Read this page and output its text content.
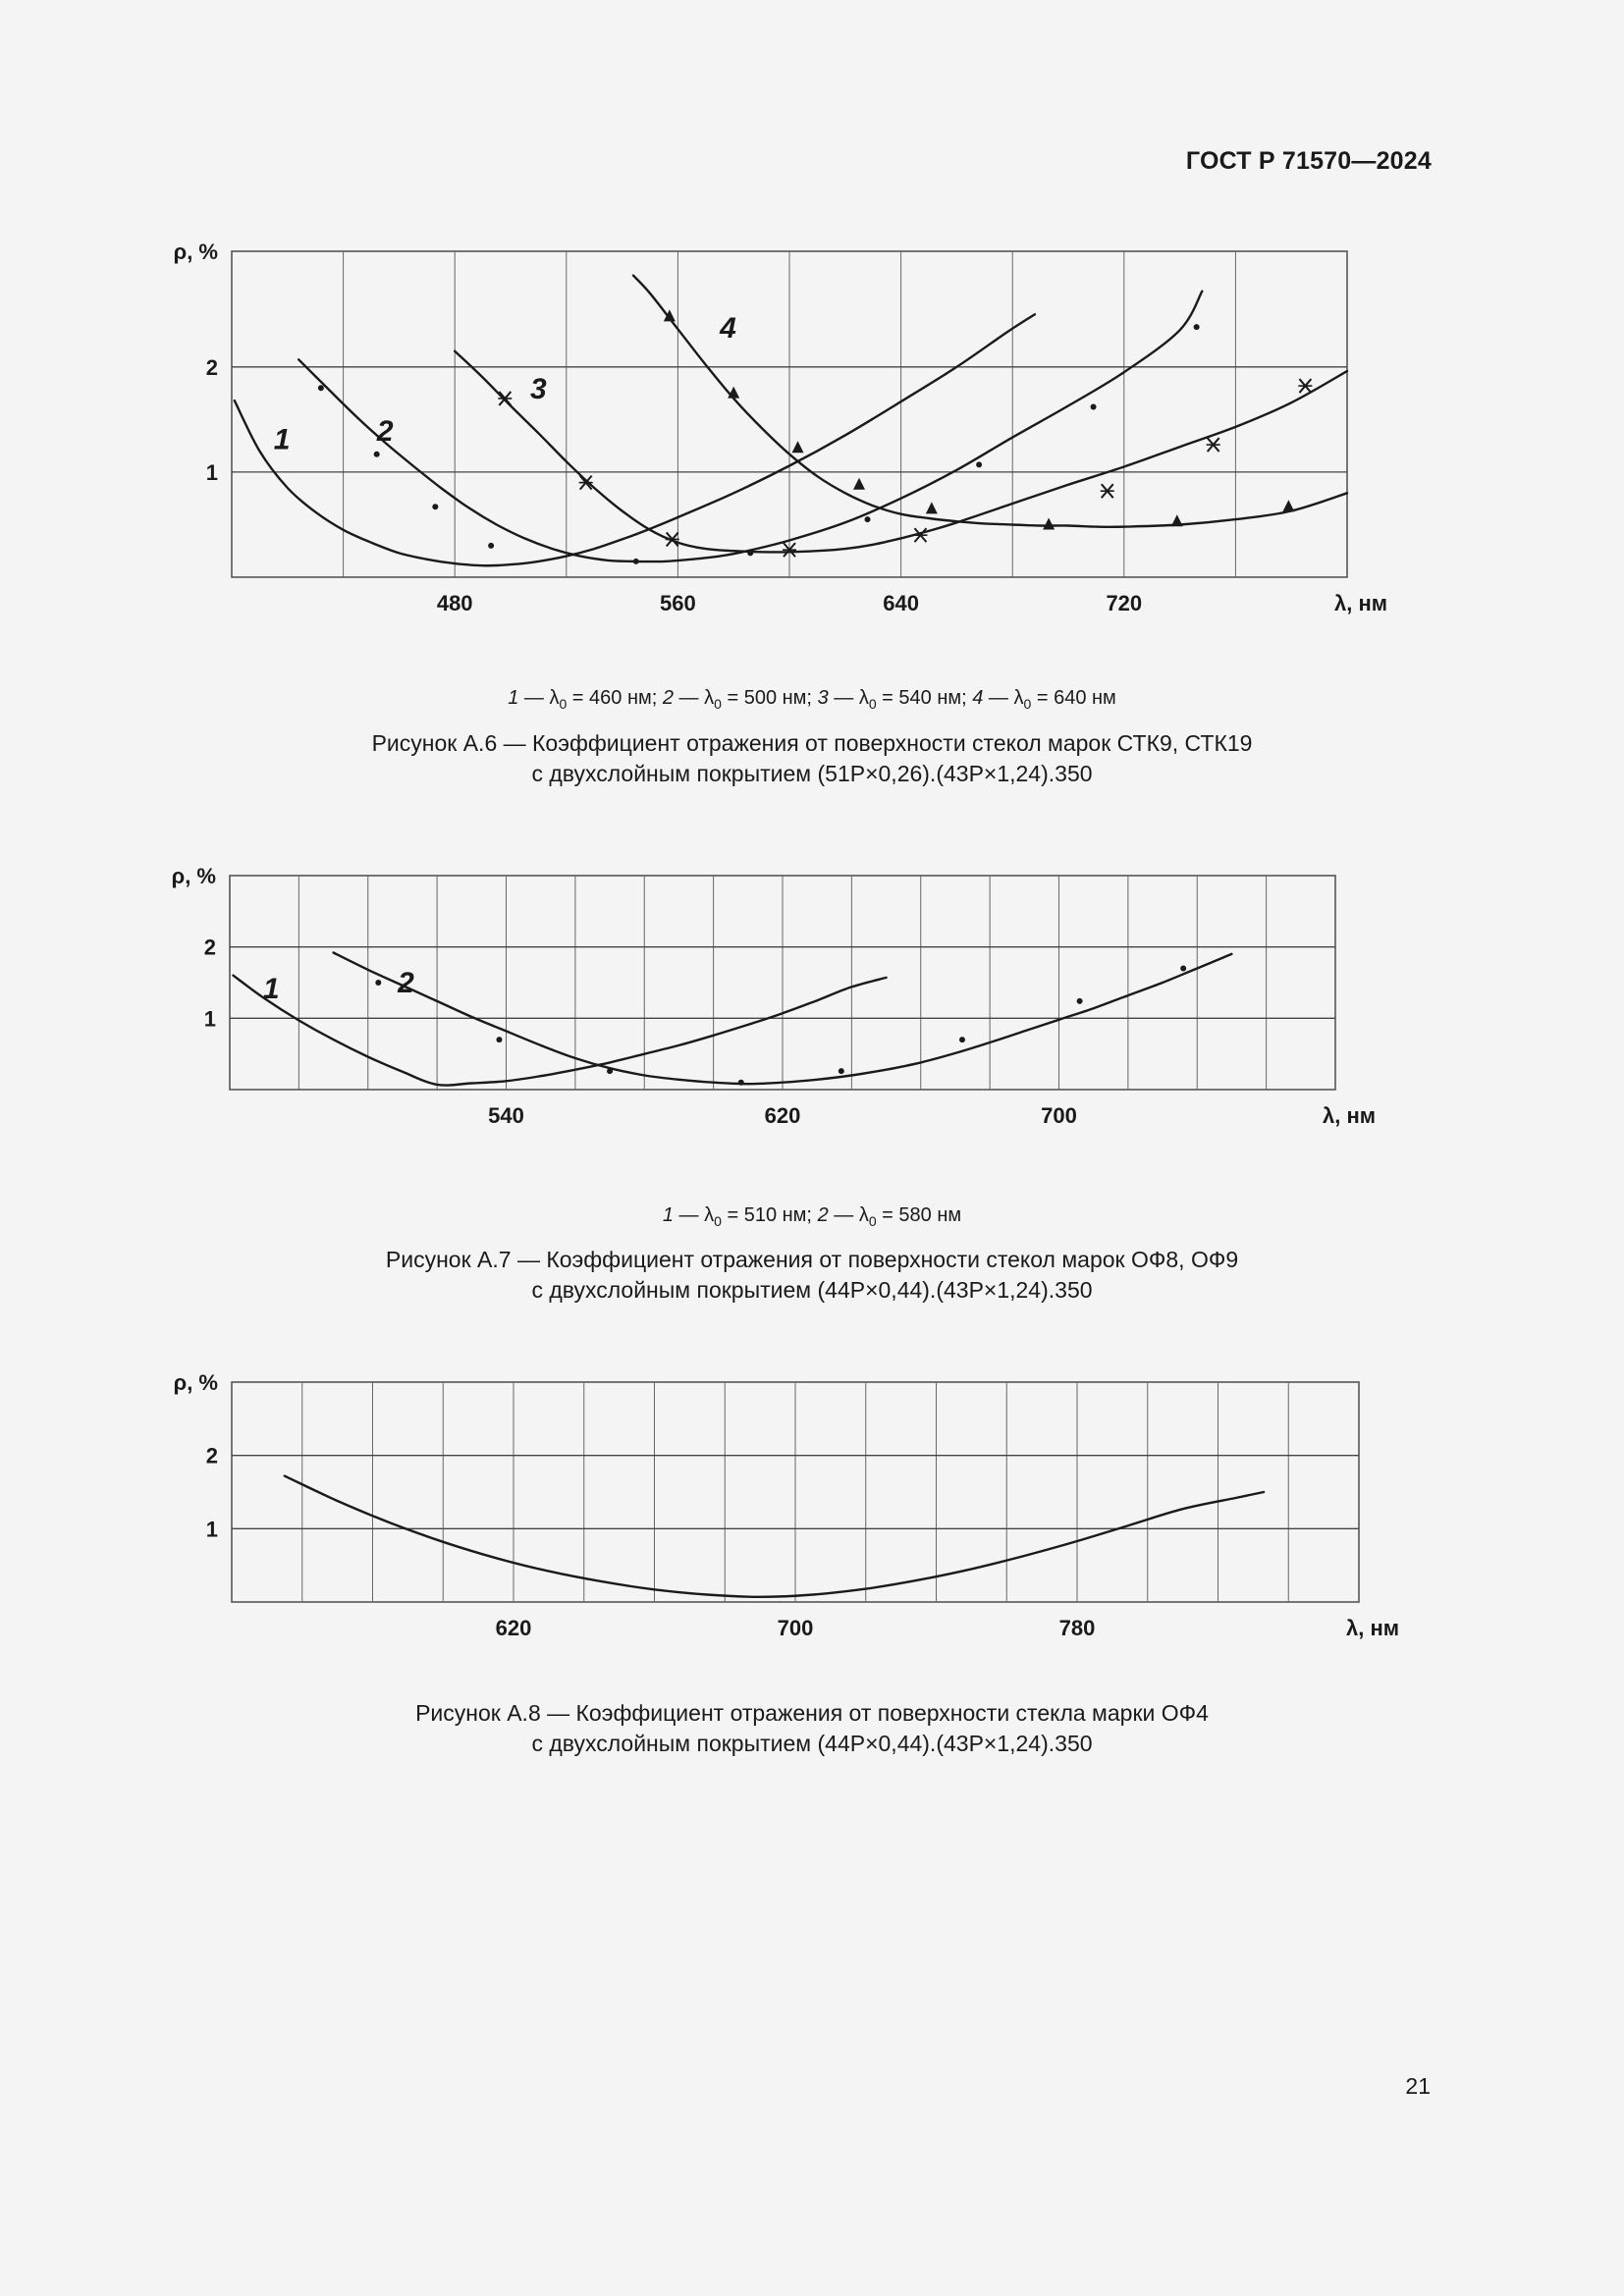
ГОСТ Р 71570—2024
480	560	640	720
1
2
ρ, %
λ, нм
1	2
3
4
1 — $\lambda_0 = 460$ нм; 2 — $\lambda_0 = 500$ нм; 3 — $\lambda_0 = 540$ нм; 4 — $\lambda_0 = 640$ нм
Рисунок А.6 — Коэффициент отражения от поверхности стекол марок СТК9, СТК19
с двухслойным покрытием (51Р×0,26).(43Р×1,24).350
540	620	700
1
2
ρ, %
λ, нм
1	2
1 — $\lambda_0 = 510$ нм; 2 — $\lambda_0 = 580$ нм
Рисунок А.7 — Коэффициент отражения от поверхности стекол марок ОФ8, ОФ9
с двухслойным покрытием (44Р×0,44).(43Р×1,24).350
620	700	780
1
2
ρ, %
λ, нм
Рисунок А.8 — Коэффициент отражения от поверхности стекла марки ОФ4
с двухслойным покрытием (44Р×0,44).(43Р×1,24).350
21
